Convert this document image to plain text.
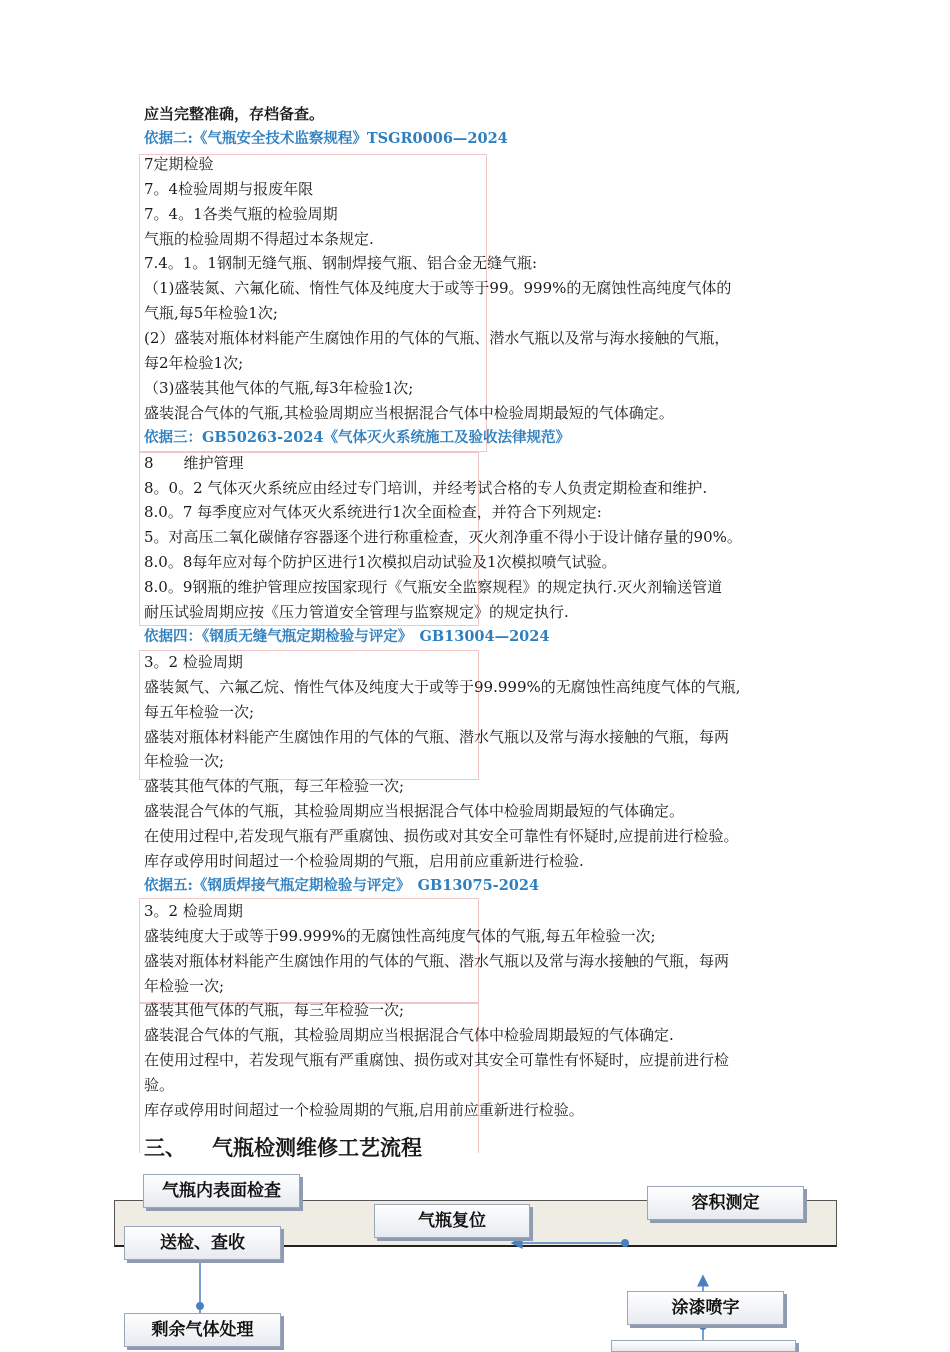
应当完整准确，存档备查。
依据二:《气瓶安全技术监察规程》TSGR0006—2024
7定期检验
7。4检验周期与报废年限
7。4。1各类气瓶的检验周期
气瓶的检验周期不得超过本条规定.
7.4。1。1钢制无缝气瓶、钢制焊接气瓶、铝合金无缝气瓶:
（1)盛装氮、六氟化硫、惰性气体及纯度大于或等于99。999%的无腐蚀性高纯度气体的
气瓶,每5年检验1次;
(2）盛装对瓶体材料能产生腐蚀作用的气体的气瓶、潜水气瓶以及常与海水接触的气瓶，
每2年检验1次;
（3)盛装其他气体的气瓶,每3年检验1次;
盛装混合气体的气瓶,其检验周期应当根据混合气体中检验周期最短的气体确定。
依据三：GB50263-2024《气体灭火系统施工及验收法律规范》
8　　维护管理
8。0。2 气体灭火系统应由经过专门培训，并经考试合格的专人负责定期检查和维护.
8.0。7 每季度应对气体灭火系统进行1次全面检查，并符合下列规定:
5。对高压二氧化碳储存容器逐个进行称重检查，灭火剂净重不得小于设计储存量的90%。
8.0。8每年应对每个防护区进行1次模拟启动试验及1次模拟喷气试验。
8.0。9钢瓶的维护管理应按国家现行《气瓶安全监察规程》的规定执行.灭火剂输送管道
耐压试验周期应按《压力管道安全管理与监察规定》的规定执行.
依据四：《钢质无缝气瓶定期检验与评定》　GB13004—2024
3。2 检验周期
盛装氮气、六氟乙烷、惰性气体及纯度大于或等于99.999%的无腐蚀性高纯度气体的气瓶,
每五年检验一次;
盛装对瓶体材料能产生腐蚀作用的气体的气瓶、潜水气瓶以及常与海水接触的气瓶，每两
年检验一次;
盛装其他气体的气瓶，每三年检验一次;
盛装混合气体的气瓶，其检验周期应当根据混合气体中检验周期最短的气体确定。
在使用过程中,若发现气瓶有严重腐蚀、损伤或对其安全可靠性有怀疑时,应提前进行检验。
库存或停用时间超过一个检验周期的气瓶，启用前应重新进行检验.
依据五:《钢质焊接气瓶定期检验与评定》　GB13075-2024
3。2 检验周期
盛装纯度大于或等于99.999%的无腐蚀性高纯度气体的气瓶,每五年检验一次;
盛装对瓶体材料能产生腐蚀作用的气体的气瓶、潜水气瓶以及常与海水接触的气瓶，每两
年检验一次;
盛装其他气体的气瓶，每三年检验一次;
盛装混合气体的气瓶，其检验周期应当根据混合气体中检验周期最短的气体确定.
在使用过程中，若发现气瓶有严重腐蚀、损伤或对其安全可靠性有怀疑时，应提前进行检
验。
库存或停用时间超过一个检验周期的气瓶,启用前应重新进行检验。
三、 气瓶检测维修工艺流程
气瓶内表面检查
气瓶复位
容积测定
送检、查收
剩余气体处理
涂漆喷字
